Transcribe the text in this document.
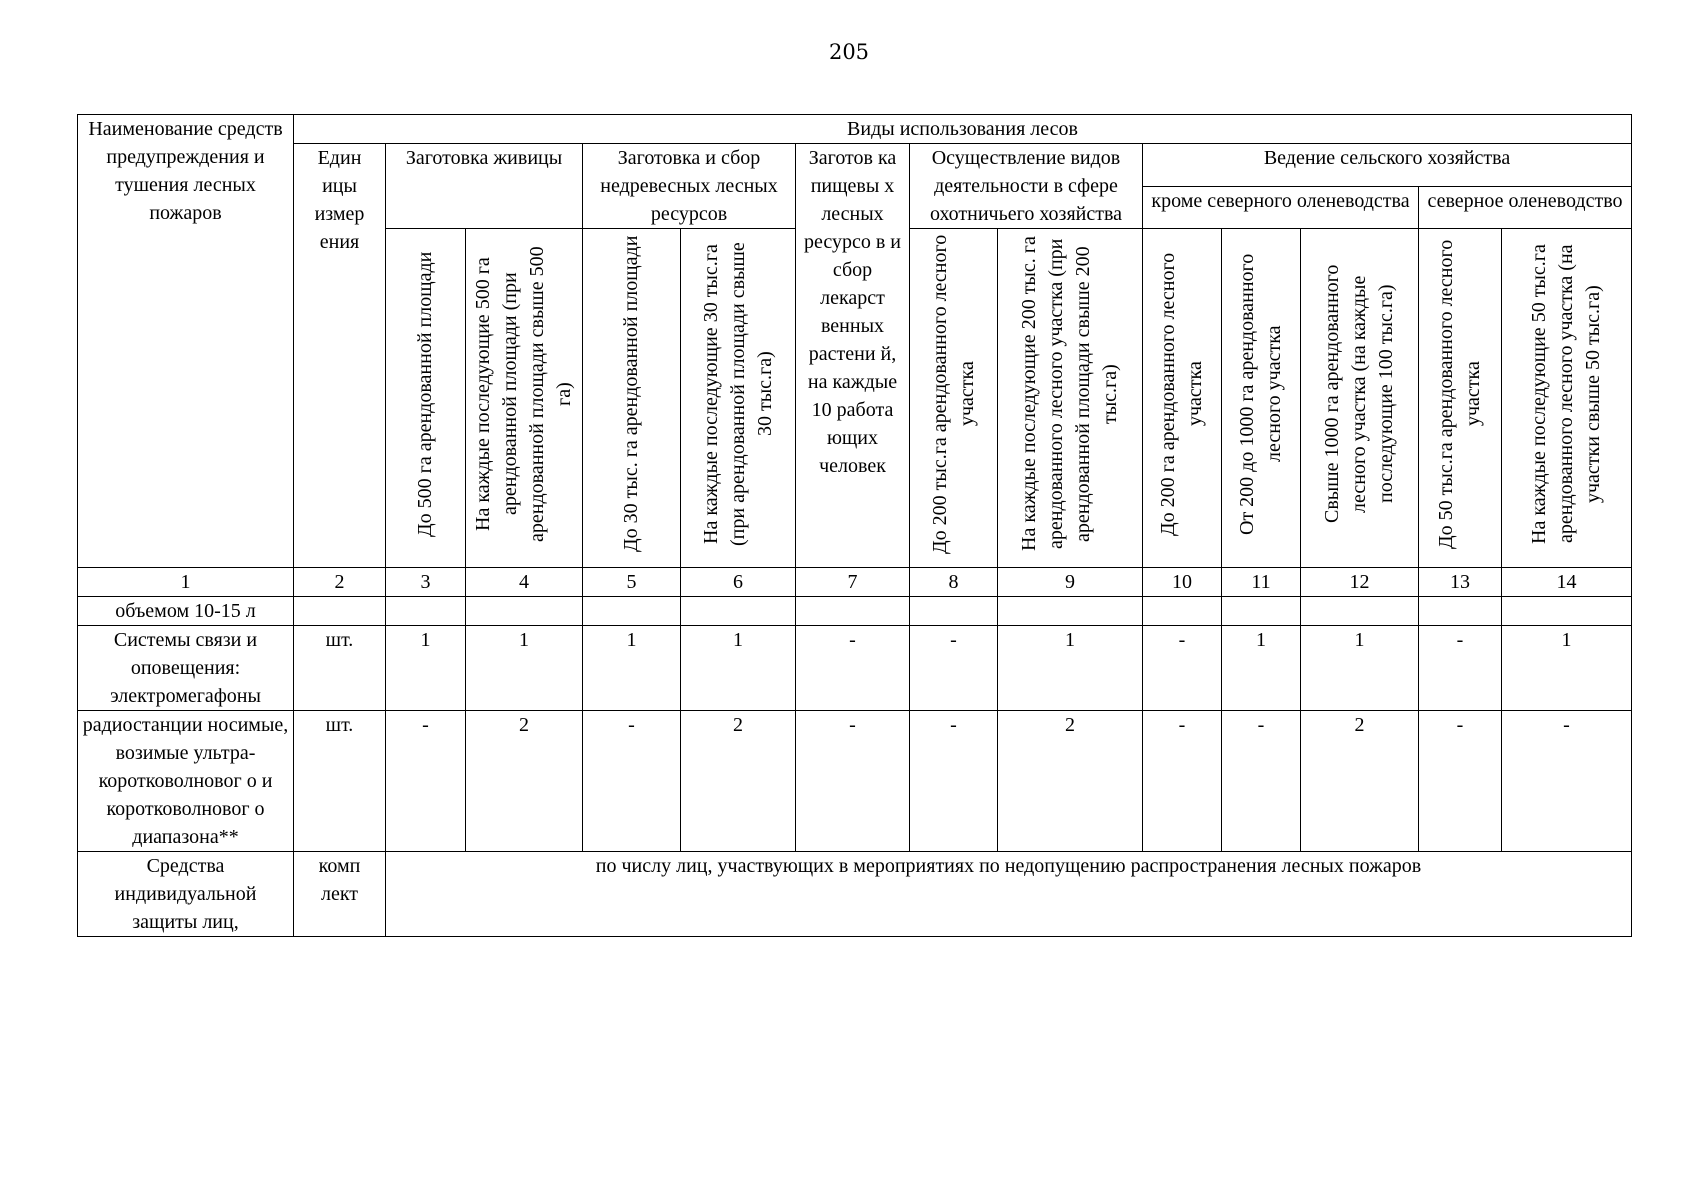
205
Наименование средств предупреждения и тушения лесных пожаров	Виды использования лесов												
	Един ицы измер ения	Заготовка живицы		Заготовка и сбор недревесных лесных ресурсов		Заготов ка пищевы х лесных ресурсо в и сбор лекарст венных растени й, на каждые 10 работа ющих человек	Осуществление видов деятельности в сфере охотничьего хозяйства		Ведение сельского хозяйства				
									кроме северного оленеводства			северное оленеводство	
		До 500 га арендованной площади	На каждые последующие 500 га арендованной площади (при арендованной площади свыше 500 га)	До 30 тыс. га арендованной площади	На каждые последующие 30 тыс.га (при арендованной площади свыше 30 тыс.га)		До 200 тыс.га арендованного лесного участка	На каждые последующие 200 тыс. га арендованного лесного участка (при арендованной площади свыше 200 тыс.га)	До 200 га арендованного лесного участка	От 200 до 1000 га арендованного лесного участка	Свыше 1000 га арендованного лесного участка (на каждые последующие 100 тыс.га)	До 50 тыс.га арендованного лесного участка	На каждые последующие 50 тыс.га арендованного лесного участка (на участки свыше 50 тыс.га)
1	2	3	4	5	6	7	8	9	10	11	12	13	14
объемом 10-15 л													
Системы связи и оповещения: электромегафоны	шт.	1	1	1	1	-	-	1	-	1	1	-	1
радиостанции носимые, возимые ультра-коротковолновог о и коротковолновог о диапазона**	шт.	-	2	-	2	-	-	2	-	-	2	-	-
Средства индивидуальной защиты лиц,	комп лект	по числу лиц, участвующих в мероприятиях по недопущению распространения лесных пожаров											
